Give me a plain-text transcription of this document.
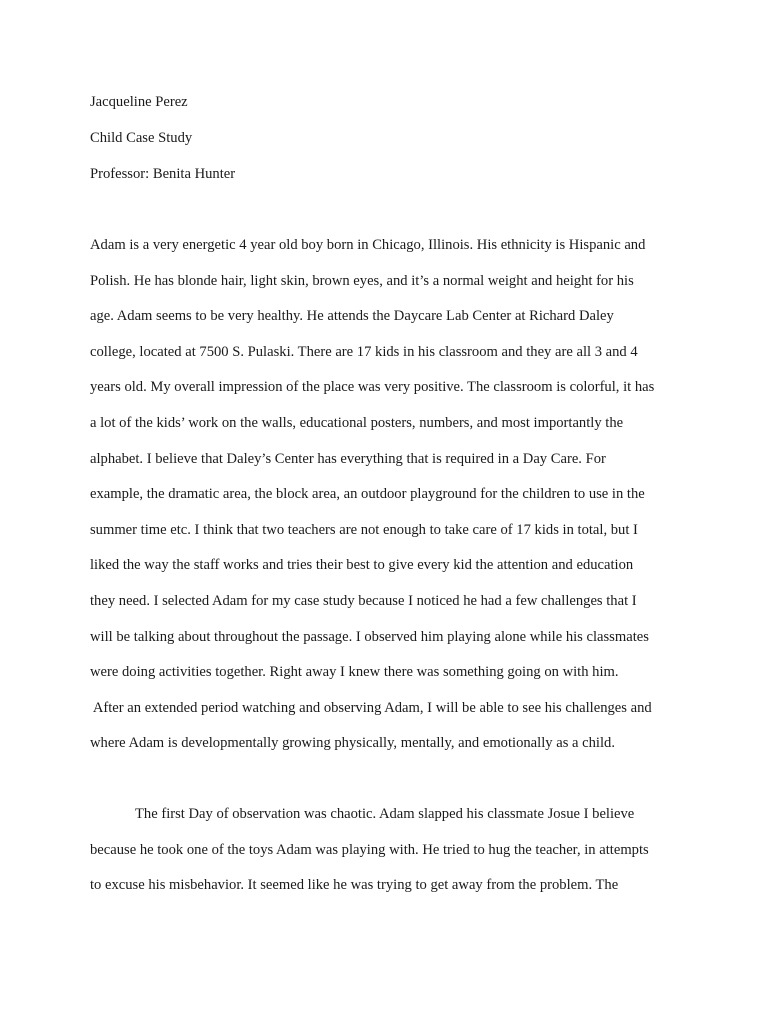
Jacqueline Perez
Child Case Study
Professor: Benita Hunter
Adam is a very energetic 4 year old boy born in Chicago, Illinois. His ethnicity is Hispanic and
Polish. He has blonde hair, light skin, brown eyes, and it’s a normal weight and height for his
age. Adam seems to be very healthy. He attends the Daycare Lab Center at Richard Daley
college, located at 7500 S. Pulaski. There are 17 kids in his classroom and they are all 3 and 4
years old. My overall impression of the place was very positive. The classroom is colorful, it has
a lot of the kids’ work on the walls, educational posters, numbers, and most importantly the
alphabet. I believe that Daley’s Center has everything that is required in a Day Care. For
example, the dramatic area, the block area, an outdoor playground for the children to use in the
summer time etc. I think that two teachers are not enough to take care of 17 kids in total, but I
liked the way the staff works and tries their best to give every kid the attention and education
they need. I selected Adam for my case study because I noticed he had a few challenges that I
will be talking about throughout the passage. I observed him playing alone while his classmates
were doing activities together. Right away I knew there was something going on with him.
After an extended period watching and observing Adam, I will be able to see his challenges and
where Adam is developmentally growing physically, mentally, and emotionally as a child.
The first Day of observation was chaotic. Adam slapped his classmate Josue I believe
because he took one of the toys Adam was playing with. He tried to hug the teacher, in attempts
to excuse his misbehavior. It seemed like he was trying to get away from the problem. The
